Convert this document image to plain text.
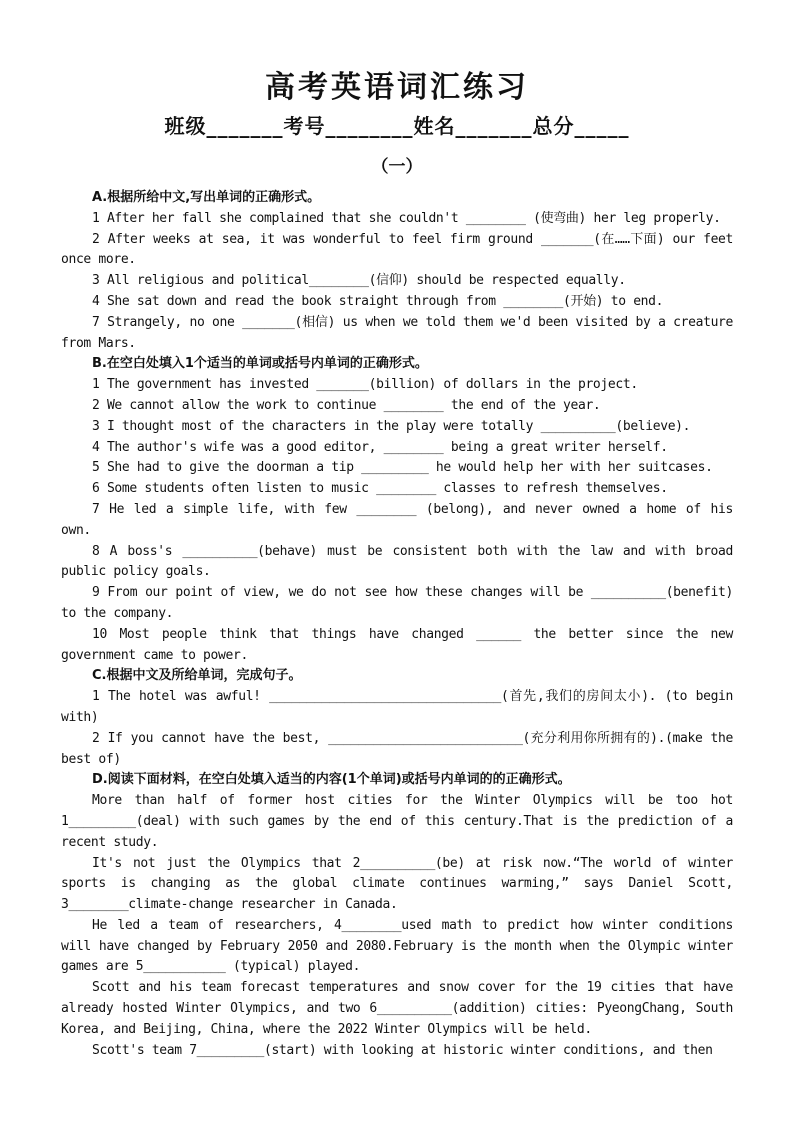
高考英语词汇练习
班级_______考号________姓名_______总分_____
（一）

A.根据所给中文,写出单词的正确形式。

1 After her fall she complained that she couldn't ________ (使弯曲) her leg properly.

2 After weeks at sea, it was wonderful to feel firm ground _______(在……下面) our feet once more.

3 All religious and political________(信仰) should be respected equally.

4 She sat down and read the book straight through from ________(开始) to end.

7 Strangely, no one _______(相信) us when we told them we'd been visited by a creature from Mars.

B.在空白处填入1个适当的单词或括号内单词的正确形式。

1 The government has invested _______(billion) of dollars in the project.

2 We cannot allow the work to continue ________ the end of the year.

3 I thought most of the characters in the play were totally __________(believe).

4 The author's wife was a good editor, ________ being a great writer herself.

5 She had to give the doorman a tip _________ he would help her with her suitcases.

6 Some students often listen to music ________ classes to refresh themselves.

7 He led a simple life, with few ________ (belong), and never owned a home of his own.

8 A boss's __________(behave) must be consistent both with the law and with broad public policy goals.

9 From our point of view, we do not see how these changes will be __________(benefit) to the company.

10 Most people think that things have changed ______ the better since the new government came to power.

C.根据中文及所给单词，完成句子。

1 The hotel was awful! _______________________________(首先,我们的房间太小). (to begin with)

2 If you cannot have the best, __________________________(充分利用你所拥有的).(make the best of)

D.阅读下面材料，在空白处填入适当的内容(1个单词)或括号内单词的的正确形式。

More than half of former host cities for the Winter Olympics will be too hot 1_________(deal) with such games by the end of this century.That is the prediction of a recent study.

It's not just the Olympics that 2__________(be) at risk now.“The world of winter sports is changing as the global climate continues warming,” says Daniel Scott, 3________climate-change researcher in Canada.

He led a team of researchers, 4________used math to predict how winter conditions will have changed by February 2050 and 2080.February is the month when the Olympic winter games are 5___________ (typical) played.

Scott and his team forecast temperatures and snow cover for the 19 cities that have already hosted Winter Olympics, and two 6__________(addition) cities: PyeongChang, South Korea, and Beijing, China, where the 2022 Winter Olympics will be held.

Scott's team 7_________(start) with looking at historic winter conditions, and then
